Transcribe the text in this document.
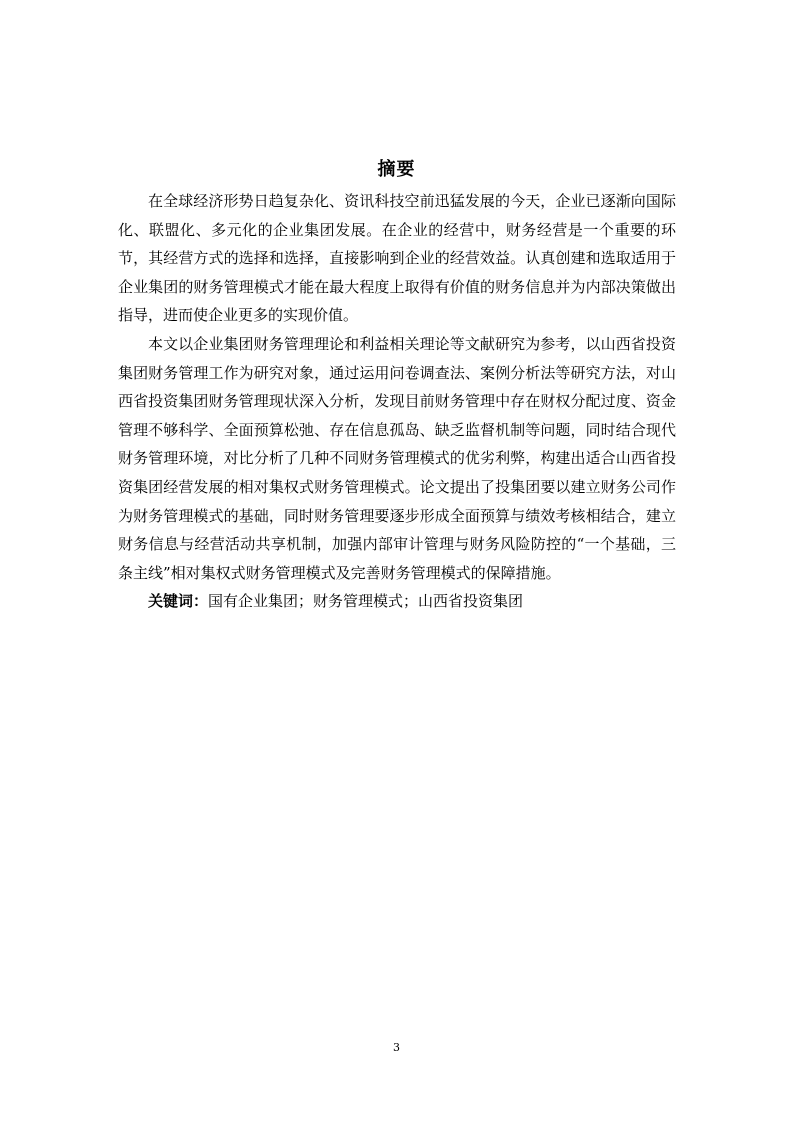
摘要

在全球经济形势日趋复杂化、资讯科技空前迅猛发展的今天，企业已逐渐向国际化、联盟化、多元化的企业集团发展。在企业的经营中，财务经营是一个重要的环节，其经营方式的选择和选择，直接影响到企业的经营效益。认真创建和选取适用于企业集团的财务管理模式才能在最大程度上取得有价值的财务信息并为内部决策做出指导，进而使企业更多的实现价值。

本文以企业集团财务管理理论和利益相关理论等文献研究为参考，以山西省投资集团财务管理工作为研究对象，通过运用问卷调查法、案例分析法等研究方法，对山西省投资集团财务管理现状深入分析，发现目前财务管理中存在财权分配过度、资金管理不够科学、全面预算松弛、存在信息孤岛、缺乏监督机制等问题，同时结合现代财务管理环境，对比分析了几种不同财务管理模式的优劣利弊，构建出适合山西省投资集团经营发展的相对集权式财务管理模式。论文提出了投集团要以建立财务公司作为财务管理模式的基础，同时财务管理要逐步形成全面预算与绩效考核相结合，建立财务信息与经营活动共享机制，加强内部审计管理与财务风险防控的“一个基础，三条主线”相对集权式财务管理模式及完善财务管理模式的保障措施。

关键词：国有企业集团；财务管理模式；山西省投资集团

3
